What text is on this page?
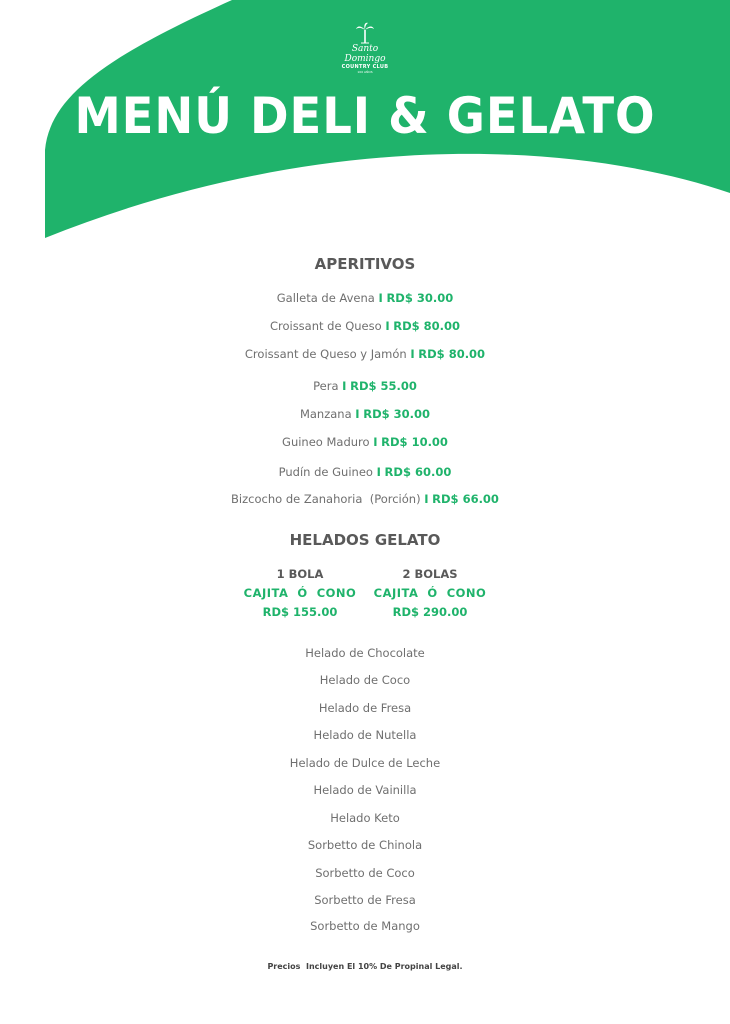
Santo Domingo
COUNTRY CLUB
100 AÑOS
MENÚ DELI & GELATO
APERITIVOS
Galleta de Avena I RD$ 30.00
Croissant de Queso I RD$ 80.00
Croissant de Queso y Jamón I RD$ 80.00
Pera I RD$ 55.00
Manzana I RD$ 30.00
Guineo Maduro I RD$ 10.00
Pudín de Guineo I RD$ 60.00
Bizcocho de Zanahoria  (Porción) I RD$ 66.00
HELADOS GELATO
1 BOLA
CAJITA  Ó  CONO
RD$ 155.00
2 BOLAS
CAJITA  Ó  CONO
RD$ 290.00
Helado de Chocolate
Helado de Coco
Helado de Fresa
Helado de Nutella
Helado de Dulce de Leche
Helado de Vainilla
Helado Keto
Sorbetto de Chinola
Sorbetto de Coco
Sorbetto de Fresa
Sorbetto de Mango
Precios  Incluyen El 10% De Propinal Legal.
